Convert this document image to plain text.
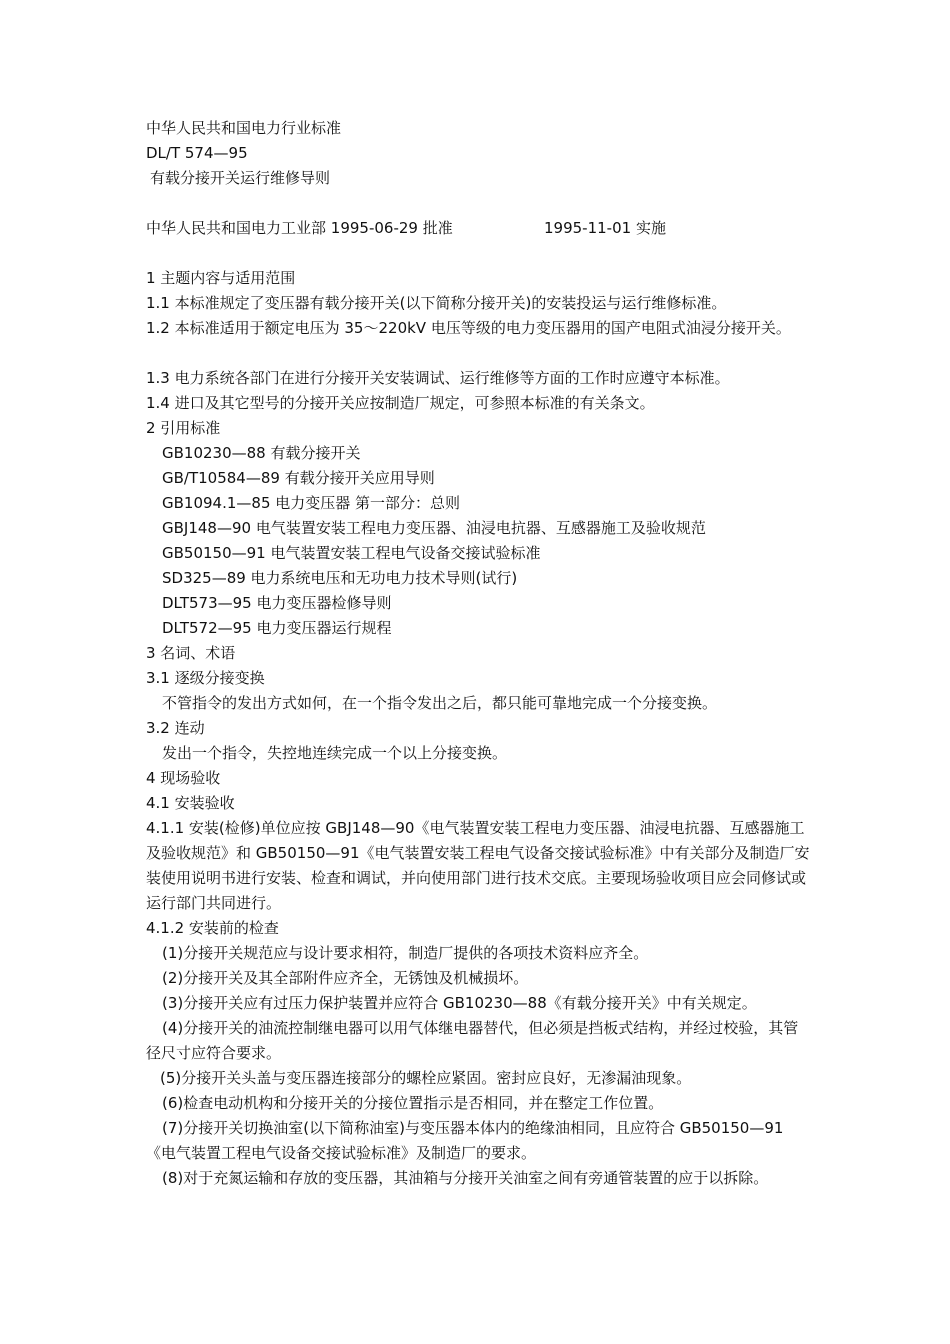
中华人民共和国电力行业标准
DL/T 574—95
有载分接开关运行维修导则
中华人民共和国电力工业部 1995-06-29 批准	1995-11-01 实施
1 主题内容与适用范围
1.1 本标准规定了变压器有载分接开关(以下简称分接开关)的安装投运与运行维修标准。
1.2 本标准适用于额定电压为 35～220kV 电压等级的电力变压器用的国产电阻式油浸分接开关。
1.3 电力系统各部门在进行分接开关安装调试、运行维修等方面的工作时应遵守本标准。
1.4 进口及其它型号的分接开关应按制造厂规定，可参照本标准的有关条文。
2 引用标准
GB10230—88 有载分接开关
GB/T10584—89 有载分接开关应用导则
GB1094.1—85 电力变压器 第一部分：总则
GBJ148—90 电气装置安装工程电力变压器、油浸电抗器、互感器施工及验收规范
GB50150—91 电气装置安装工程电气设备交接试验标准
SD325—89 电力系统电压和无功电力技术导则(试行)
DLT573—95 电力变压器检修导则
DLT572—95 电力变压器运行规程
3 名词、术语
3.1 逐级分接变换
不管指令的发出方式如何，在一个指令发出之后，都只能可靠地完成一个分接变换。
3.2 连动
发出一个指令，失控地连续完成一个以上分接变换。
4 现场验收
4.1 安装验收
4.1.1 安装(检修)单位应按 GBJ148—90《电气装置安装工程电力变压器、油浸电抗器、互感器施工及验收规范》和 GB50150—91《电气装置安装工程电气设备交接试验标准》中有关部分及制造厂安装使用说明书进行安装、检查和调试，并向使用部门进行技术交底。主要现场验收项目应会同修试或运行部门共同进行。
4.1.2 安装前的检查
(1)分接开关规范应与设计要求相符，制造厂提供的各项技术资料应齐全。
(2)分接开关及其全部附件应齐全，无锈蚀及机械损坏。
(3)分接开关应有过压力保护装置并应符合 GB10230—88《有载分接开关》中有关规定。
(4)分接开关的油流控制继电器可以用气体继电器替代，但必须是挡板式结构，并经过校验，其管径尺寸应符合要求。
(5)分接开关头盖与变压器连接部分的螺栓应紧固。密封应良好，无渗漏油现象。
(6)检查电动机构和分接开关的分接位置指示是否相同，并在整定工作位置。
(7)分接开关切换油室(以下简称油室)与变压器本体内的绝缘油相同，且应符合 GB50150—91《电气装置工程电气设备交接试验标准》及制造厂的要求。
(8)对于充氮运输和存放的变压器，其油箱与分接开关油室之间有旁通管装置的应于以拆除。
